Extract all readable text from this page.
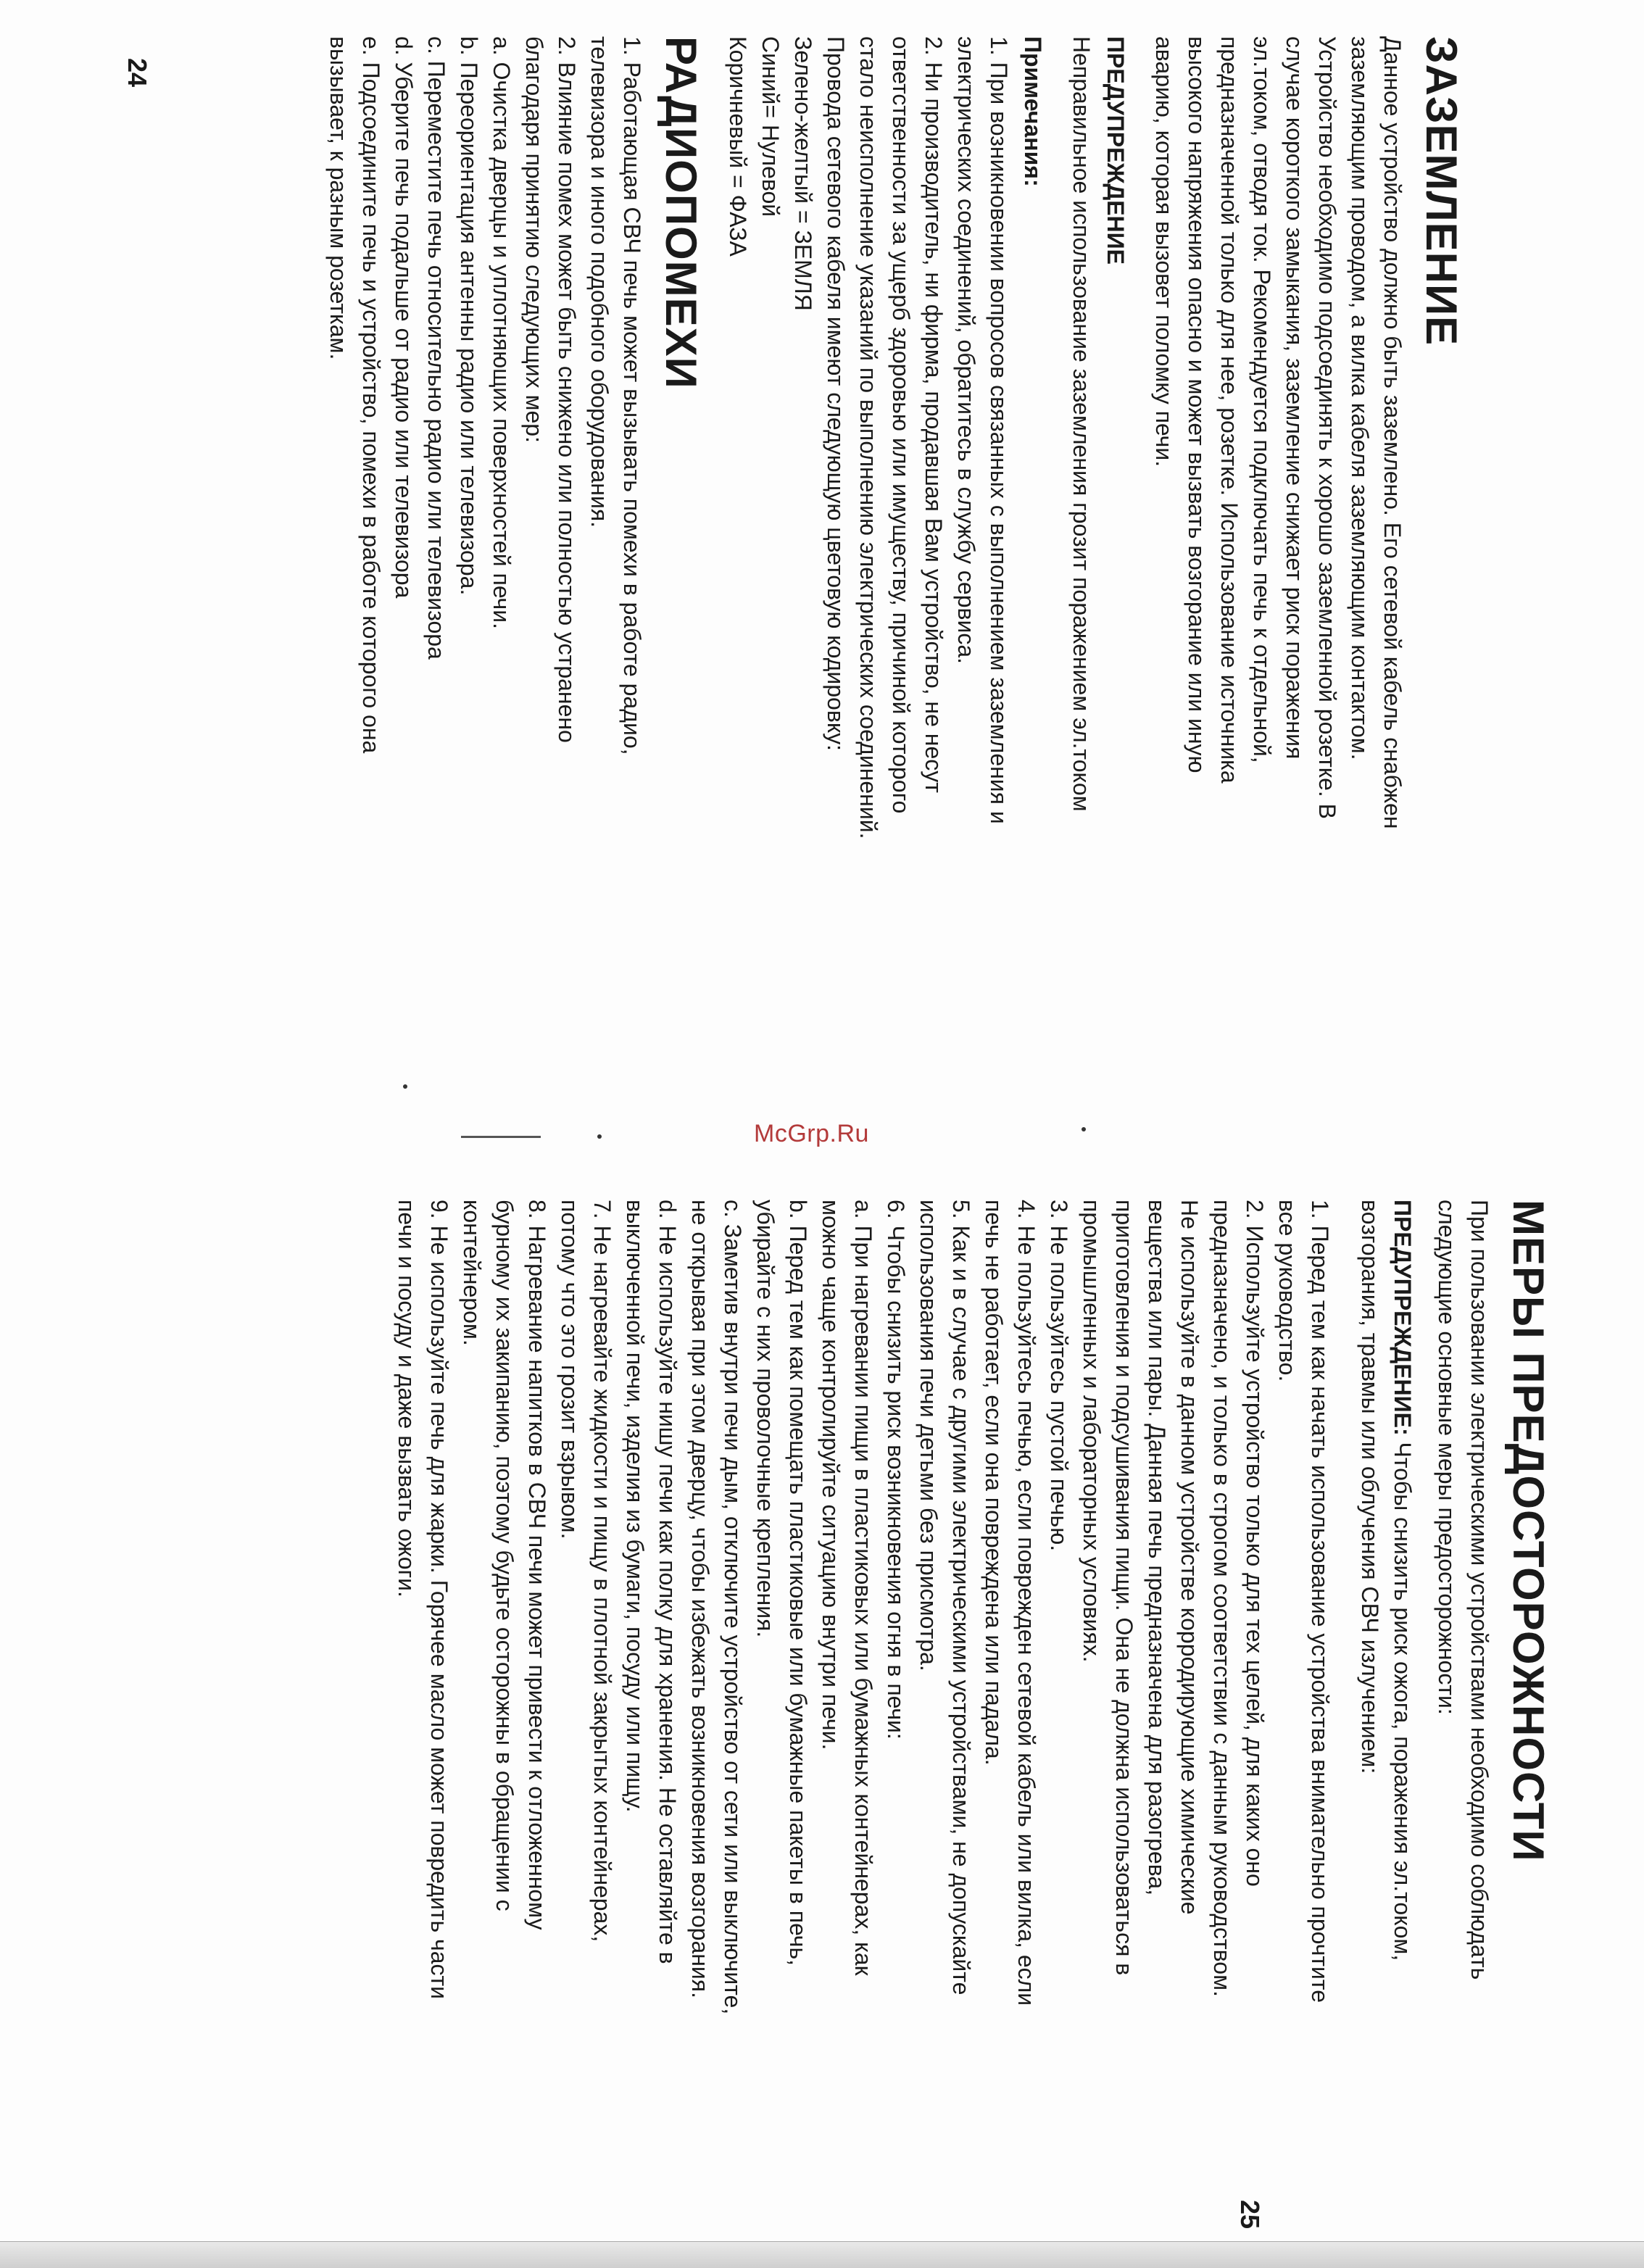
ЗАЗЕМЛЕНИЕ
Данное устройство должно быть заземлено. Его сетевой кабель снабжен
заземляющим проводом, а вилка кабеля заземляющим контактом.
Устройство необходимо подсоединять к хорошо заземленной розетке. В
случае короткого замыкания, заземление снижает риск поражения
эл.током, отводя ток. Рекомендуется подключать печь к отдельной,
предназначенной только для нее, розетке. Использование источника
высокого напряжения опасно и может вызвать возгорание или иную
аварию, которая вызовет поломку печи.
ПРЕДУПРЕЖДЕНИЕ
Неправильное использование заземления грозит поражением эл.током
Примечания:
1. При возникновении вопросов связанных с выполнением заземления и
электрических соединений, обратитесь в службу сервиса.
2. Ни производитель, ни фирма, продавшая Вам устройство, не несут
ответственности за ущерб здоровью или имуществу, причиной которого
стало неисполнение указаний по выполнению электрических соединений.
Провода сетевого кабеля имеют следующую цветовую кодировку:
Зелено-желтый = ЗЕМЛЯ
Синий= Нулевой
Коричневый = ФАЗА
РАДИОПОМЕХИ
1. Работающая СВЧ печь может вызывать помехи в работе радио,
телевизора и иного подобного оборудования.
2. Влияние помех может быть снижено или полностью устранено
благодаря принятию следующих мер:
a. Очистка дверцы и уплотняющих поверхностей печи.
b. Переориентация антенны радио или телевизора.
c. Переместите печь относительно радио или телевизора
d. Уберите печь подальше от радио или телевизора
e. Подсоедините печь и устройство, помехи в работе которого она
вызывает, к разным розеткам.
24
МЕРЫ ПРЕДОСТОРОЖНОСТИ
При пользовании электрическими устройствами необходимо соблюдать
следующие основные меры предосторожности:
ПРЕДУПРЕЖДЕНИЕ: Чтобы снизить риск ожога, поражения эл.током,
возгорания, травмы или облучения СВЧ излучением:
1. Перед тем как начать использование устройства внимательно прочтите
все руководство.
2. Используйте устройство только для тех целей, для каких оно
предназначено, и только в строгом соответствии с данным руководством.
Не используйте в данном устройстве корродирующие химические
вещества или пары. Данная печь предназначена для разогрева,
приготовления и подсушивания пищи. Она не должна использоваться в
промышленных и лабораторных условиях.
3. Не пользуйтесь пустой печью.
4. Не пользуйтесь печью, если поврежден сетевой кабель или вилка, если
печь не работает, если она повреждена или падала.
5. Как и в случае с другими электрическими устройствами, не допускайте
использования печи детьми без присмотра.
6. Чтобы снизить риск возникновения огня в печи:
а. При нагревании пищи в пластиковых или бумажных контейнерах, как
можно чаще контролируйте ситуацию внутри печи.
b. Перед тем как помещать пластиковые или бумажные пакеты в печь,
убирайте с них проволочные крепления.
c. Заметив внутри печи дым, отключите устройство от сети или выключите,
не открывая при этом дверцу, чтобы избежать возникновения возгорания.
d. Не используйте нишу печи как полку для хранения. Не оставляйте в
выключенной печи, изделия из бумаги, посуду или пищу.
7. Не нагревайте жидкости и пищу в плотной закрытых контейнерах,
потому что это грозит взрывом.
8. Нагревание напитков в СВЧ печи может привести к отложенному
бурному их закипанию, поэтому будьте осторожны в обращении с
контейнером.
9. Не используйте печь для жарки. Горячее масло может повредить части
печи и посуду и даже вызвать ожоги.
25
McGrp.Ru
